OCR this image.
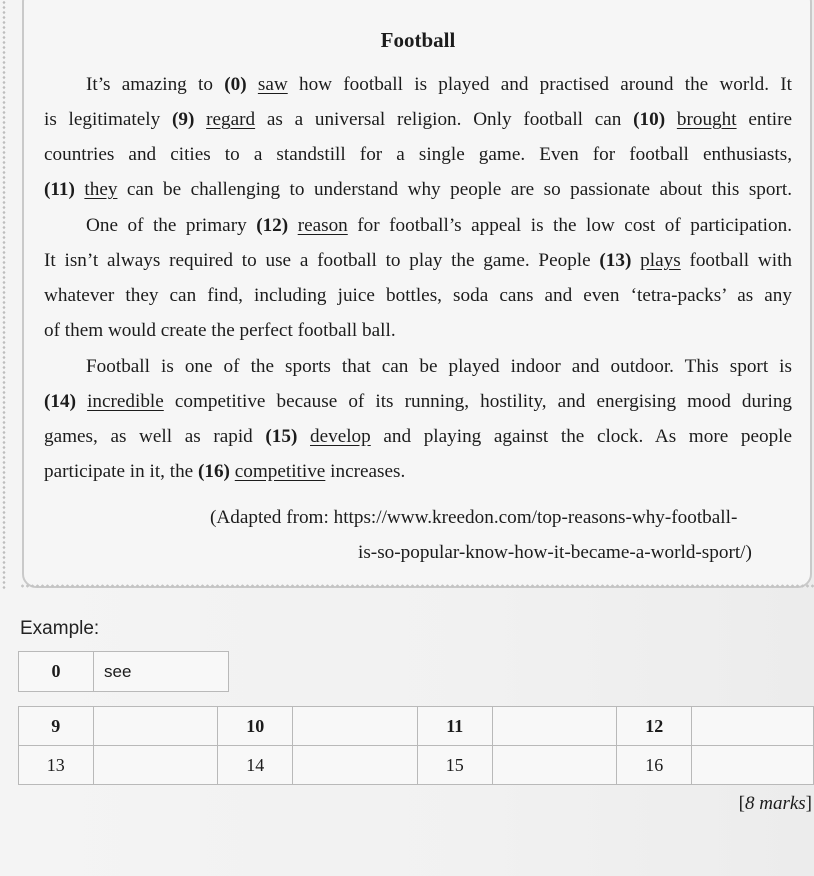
Football
It’s amazing to (0) saw how football is played and practised around the world. It
is legitimately (9) regard as a universal religion. Only football can (10) brought entire
countries and cities to a standstill for a single game. Even for football enthusiasts,
(11) they can be challenging to understand why people are so passionate about this sport.
One of the primary (12) reason for football’s appeal is the low cost of participation.
It isn’t always required to use a football to play the game. People (13) plays football with
whatever they can find, including juice bottles, soda cans and even ‘tetra-packs’ as any
of them would create the perfect football ball.
Football is one of the sports that can be played indoor and outdoor. This sport is
(14) incredible competitive because of its running, hostility, and energising mood during
games, as well as rapid (15) develop and playing against the clock. As more people
participate in it, the (16) competitive increases.
(Adapted from: https://www.kreedon.com/top-reasons-why-football-
is-so-popular-know-how-it-became-a-world-sport/)
Example:
0	see
9		10		11		12	
13		14		15		16	
[8 marks]
